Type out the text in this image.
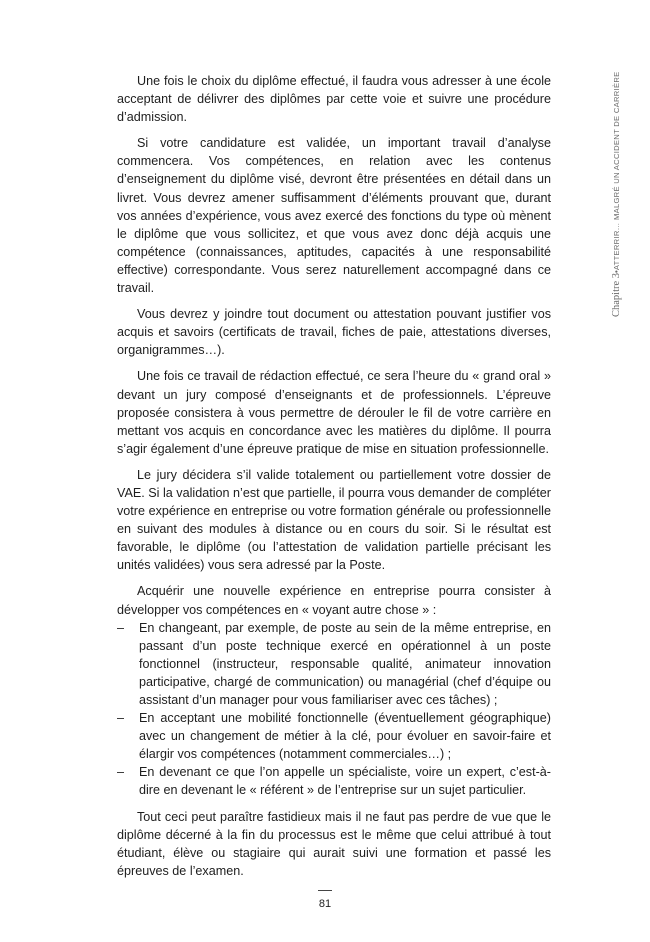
Chapitre 3•ATTERRIR… MALGRÉ UN ACCIDENT DE CARRIÈRE

Une fois le choix du diplôme effectué, il faudra vous adresser à une école acceptant de délivrer des diplômes par cette voie et suivre une procédure d’admission.

Si votre candidature est validée, un important travail d’analyse commencera. Vos compétences, en relation avec les contenus d’enseignement du diplôme visé, devront être présentées en détail dans un livret. Vous devrez amener suffisamment d’éléments prouvant que, durant vos années d’expérience, vous avez exercé des fonctions du type où mènent le diplôme que vous sollicitez, et que vous avez donc déjà acquis une compétence (connaissances, aptitudes, capacités à une responsabilité effective) correspondante. Vous serez naturellement accompagné dans ce travail.

Vous devrez y joindre tout document ou attestation pouvant justifier vos acquis et savoirs (certificats de travail, fiches de paie, attestations diverses, organigrammes…).

Une fois ce travail de rédaction effectué, ce sera l’heure du « grand oral » devant un jury composé d’enseignants et de professionnels. L’épreuve proposée consistera à vous permettre de dérouler le fil de votre carrière en mettant vos acquis en concordance avec les matières du diplôme. Il pourra s’agir également d’une épreuve pratique de mise en situation professionnelle.

Le jury décidera s’il valide totalement ou partiellement votre dossier de VAE. Si la validation n’est que partielle, il pourra vous demander de compléter votre expérience en entreprise ou votre formation générale ou professionnelle en suivant des modules à distance ou en cours du soir. Si le résultat est favorable, le diplôme (ou l’attestation de validation partielle précisant les unités validées) vous sera adressé par la Poste.

Acquérir une nouvelle expérience en entreprise pourra consister à développer vos compétences en « voyant autre chose » :

– En changeant, par exemple, de poste au sein de la même entreprise, en passant d’un poste technique exercé en opérationnel à un poste fonctionnel (instructeur, responsable qualité, animateur innovation participative, chargé de communication) ou managérial (chef d’équipe ou assistant d’un manager pour vous familiariser avec ces tâches) ;
– En acceptant une mobilité fonctionnelle (éventuellement géographique) avec un changement de métier à la clé, pour évoluer en savoir-faire et élargir vos compétences (notamment commerciales…) ;
– En devenant ce que l’on appelle un spécialiste, voire un expert, c’est-à-dire en devenant le « référent » de l’entreprise sur un sujet particulier.

Tout ceci peut paraître fastidieux mais il ne faut pas perdre de vue que le diplôme décerné à la fin du processus est le même que celui attribué à tout étudiant, élève ou stagiaire qui aurait suivi une formation et passé les épreuves de l’examen.

81
